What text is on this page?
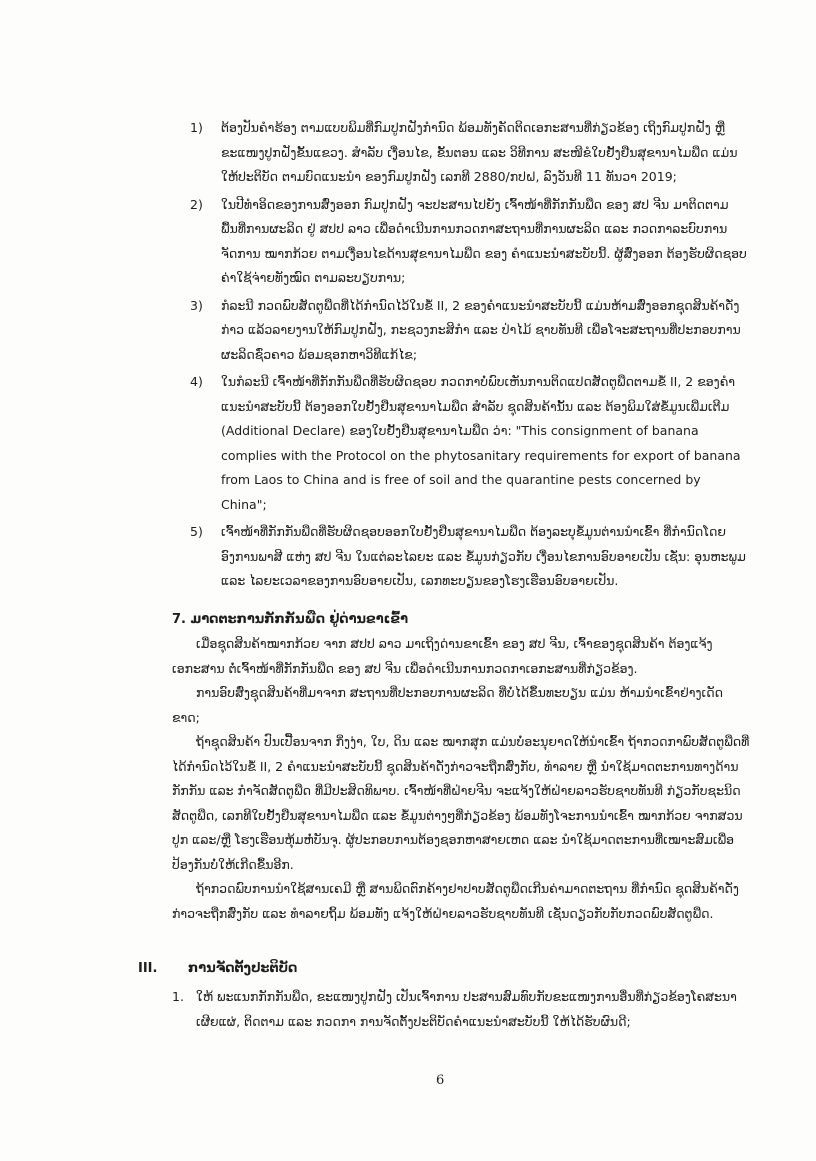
1) ຕ້ອງປັນຄຳຮ້ອງ ຕາມແບບພິມທີ່ກົມປູກຝັງກຳນົດ ພ້ອມທັງຄັດຕິດເອກະສານທີ່ກ່ຽວຂ້ອງ ເຖິງກົມປູກຝັງ ຫຼື ຂະແໜງປູກຝັງຂັ້ນແຂວງ. ສຳລັບ ເງື່ອນໄຂ, ຂັ້ນຕອນ ແລະ ວິທີການ ສະໜີຂໍໃບຢັ້ງຢືນສຸຂານາໄມພືດ ແມ່ນໃຫ້ປະຕິບັດ ຕາມບົດແນະນຳ ຂອງກົມປູກຝັງ ເລກທີ 2880/ກປຝ, ລົງວັນທີ 11 ທັນວາ 2019;
2) ໃນປີທຳອິດຂອງການສົ່ງອອກ ກົມປູກຝັງ ຈະປະສານໄປຍັງ ເຈົ້າໜ້າທີ່ກັກກັນພືດ ຂອງ ສປ ຈີນ ມາຕິດຕາມພື້ນທີ່ການຜະລິດ ຢູ່ ສປປ ລາວ ເພື່ອດຳເນີນການກວດກາສະຖານທີ່ການຜະລິດ ແລະ ກວດກາລະບົບການຈັດການ ໝາກກ້ວຍ ຕາມເງື່ອນໄຂດ້ານສຸຂານາໄມພືດ ຂອງ ຄຳແນະນຳສະບັບນີ້. ຜູ້ສົ່ງອອກ ຕ້ອງຮັບຜິດຊອບຄ່າໃຊ້ຈ່າຍທັງໝົດ ຕາມລະບຽບການ;
3) ກໍລະນີ ກວດພົບສັດຕູພືດທີ່ໄດ້ກຳນົດໄວ້ໃນຂໍ້ II, 2 ຂອງຄຳແນະນຳສະບັບນີ້ ແມ່ນຫ້າມສົ່ງອອກຊຸດສິນຄ້າດັ່ງກ່າວ ແລ້ວລາຍງານໃຫ້ກົມປູກຝັງ, ກະຊວງກະສິກຳ ແລະ ປ່າໄມ້ ຊາບທັນທີ ເພື່ອໂຈະສະຖານທີ່ປະກອບການຜະລິດຊົ່ວຄາວ ພ້ອມຊອກຫາວິທີແກ້ໄຂ;
4) ໃນກໍລະນີ ເຈົ້າໜ້າທີ່ກັກກັນພືດທີ່ຮັບຜິດຊອບ ກວດກາບໍ່ພົບເຫັນການຕິດແປດສັດຕູພືດຕາມຂໍ້ II, 2 ຂອງຄຳແນະນຳສະບັບນີ້ ຕ້ອງອອກໃບຢັ້ງຢືນສຸຂານາໄມພືດ ສຳລັບ ຊຸດສິນຄ້ານັ້ນ ແລະ ຕ້ອງພິມໃສ່ຂໍ້ມູນເພີ່ມເຕີມ (Additional Declare) ຂອງໃບຢັ້ງຢືນສຸຂານາໄມພືດ ວ່າ: "This consignment of banana complies with the Protocol on the phytosanitary requirements for export of banana from Laos to China and is free of soil and the quarantine pests concerned by China";
5) ເຈົ້າໜ້າທີ່ກັກກັນພືດທີ່ຮັບຜິດຊອບອອກໃບຢັ້ງຢືນສຸຂານາໄມພືດ ຕ້ອງລະບຸຂໍ້ມູນຕ່ານນຳເຂົ້າ ທີ່ກຳນົດໂດຍ ອົງການພາສີ ແຫ່ງ ສປ ຈີນ ໃນແຕ່ລະໄລຍະ ແລະ ຂໍ້ມູນກ່ຽວກັບ ເງື່ອນໄຂການອົບອາຍເປັນ ເຊັ່ນ: ອຸນຫະພູມ ແລະ ໄລຍະເວລາຂອງການອົບອາຍເປັນ, ເລກທະບຽນຂອງໂຮງເຮືອນອົບອາຍເປັນ.
7. ມາດຕະການກັກກັນພືດ ຢູ່ດ່ານຂາເຂົ້າ

ເມື່ອຊຸດສິນຄ້າໝາກກ້ວຍ ຈາກ ສປປ ລາວ ມາເຖິງດ່ານຂາເຂົ້າ ຂອງ ສປ ຈີນ, ເຈົ້າຂອງຊຸດສິນຄ້າ ຕ້ອງແຈ້ງເອກະສານ ຕໍ່ເຈົ້າໜ້າທີ່ກັກກັນພືດ ຂອງ ສປ ຈີນ ເພື່ອດຳເນີນການກວດກາເອກະສານທີ່ກ່ຽວຂ້ອງ.

ການອົບສົ່ງຊຸດສິນຄ້າທີ່ມາຈາກ ສະຖານທີ່ປະກອບການຜະລິດ ທີ່ບໍ່ໄດ້ຂຶ້ນທະບຽນ ແມ່ນ ຫ້າມນຳເຂົ້າຢ່າງເດັດຂາດ;

ຖ້າຊຸດສິນຄ້າ ປົນເປື້ອນຈາກ ກິ່ງງ່າ, ໃບ, ດິນ ແລະ ໝາກສຸກ ແມ່ນບໍ່ອະນຸຍາດໃຫ້ນຳເຂົ້າ ຖ້າກວດກາພົບສັດຕູພືດທີ່ໄດ້ກຳນົດໄວ້ໃນຂໍ້ II, 2 ຄຳແນະນຳສະບັບນີ້ ຊຸດສິນຄ້າດັ່ງກ່າວຈະຖືກສົ່ງກັບ, ທຳລາຍ ຫຼື ນຳໃຊ້ມາດຕະການທາງດ້ານກັກກັນ ແລະ ກຳຈັດສັດຕູພືດ ທີ່ມີປະສິດທິພາບ. ເຈົ້າໜ້າທີ່ຝ່າຍຈີນ ຈະແຈ້ງໃຫ້ຝ່າຍລາວຮັບຊາບທັນທີ ກ່ຽວກັບຊະນິດສັດຕູພືດ, ເລກທີໃບຢັ້ງຢືນສຸຂານາໄມພືດ ແລະ ຂໍ້ມູນຕ່າງໆທີ່ກ່ຽວຂ້ອງ ພ້ອມທັງໂຈະການນຳເຂົ້າ ໝາກກ້ວຍ ຈາກສວນປູກ ແລະ/ຫຼື ໂຮງເຮືອນຫຸ້ມຫໍ່ບັນຈຸ. ຜູ້ປະກອບການຕ້ອງຊອກຫາສາຍເຫດ ແລະ ນຳໃຊ້ມາດຕະການທີ່ເໝາະສົມເພື່ອປ້ອງກັນບໍ່ໃຫ້ເກີດຂຶ້ນອີກ.

ຖ້າກວດພົບການນຳໃຊ້ສານເຄມີ ຫຼື ສານພິດຕົກຄ້າງຢາປາບສັດຕູພືດເກີນຄ່າມາດຕະຖານ ທີ່ກຳນົດ ຊຸດສິນຄ້າດັ່ງກ່າວຈະຖືກສົ່ງກັບ ແລະ ທຳລາຍຖິ້ມ ພ້ອມທັງ ແຈ້ງໃຫ້ຝ່າຍລາວຮັບຊາບທັນທີ ເຊັ່ນດຽວກັບກັບກວດພົບສັດຕູພືດ.

III. ການຈັດຕັ້ງປະຕິບັດ
1. ໃຫ້ ພະແນກກັກກັນພືດ, ຂະແໜງປູກຝັງ ເປັນເຈົ້າການ ປະສານສົມທົບກັບຂະແໜງການອື່ນທີ່ກ່ຽວຂ້ອງໂຄສະນາເຜີຍແຜ່, ຕິດຕາມ ແລະ ກວດກາ ການຈັດຕັ້ງປະຕິບັດຄຳແນະນຳສະບັບນີ້ ໃຫ້ໄດ້ຮັບຜົນດີ;
6
